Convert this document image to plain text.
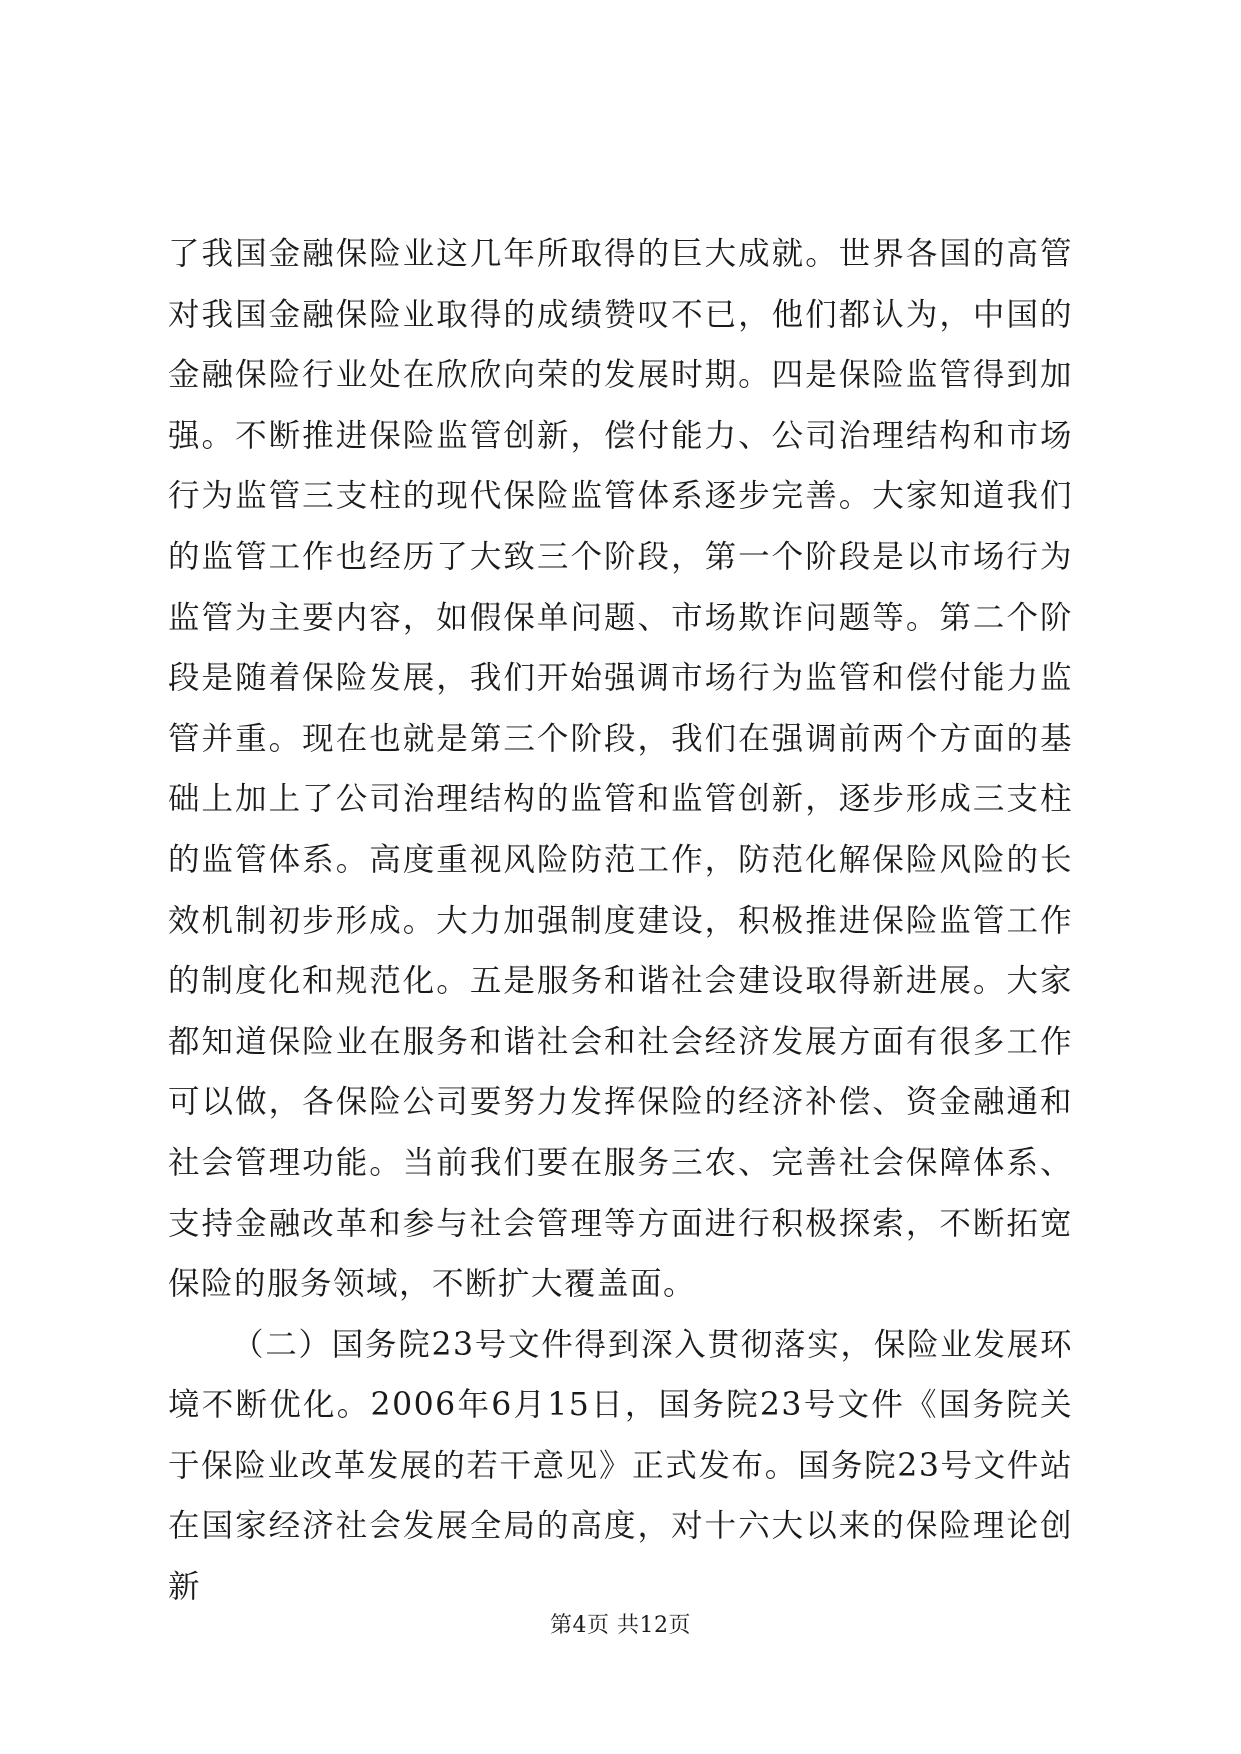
了我国金融保险业这几年所取得的巨大成就。世界各国的高管对我国金融保险业取得的成绩赞叹不已，他们都认为，中国的金融保险行业处在欣欣向荣的发展时期。四是保险监管得到加强。不断推进保险监管创新，偿付能力、公司治理结构和市场行为监管三支柱的现代保险监管体系逐步完善。大家知道我们的监管工作也经历了大致三个阶段，第一个阶段是以市场行为监管为主要内容，如假保单问题、市场欺诈问题等。第二个阶段是随着保险发展，我们开始强调市场行为监管和偿付能力监管并重。现在也就是第三个阶段，我们在强调前两个方面的基础上加上了公司治理结构的监管和监管创新，逐步形成三支柱的监管体系。高度重视风险防范工作，防范化解保险风险的长效机制初步形成。大力加强制度建设，积极推进保险监管工作的制度化和规范化。五是服务和谐社会建设取得新进展。大家都知道保险业在服务和谐社会和社会经济发展方面有很多工作可以做，各保险公司要努力发挥保险的经济补偿、资金融通和社会管理功能。当前我们要在服务三农、完善社会保障体系、支持金融改革和参与社会管理等方面进行积极探索，不断拓宽保险的服务领域，不断扩大覆盖面。

（二）国务院23号文件得到深入贯彻落实，保险业发展环境不断优化。2006年6月15日，国务院23号文件《国务院关于保险业改革发展的若干意见》正式发布。国务院23号文件站在国家经济社会发展全局的高度，对十六大以来的保险理论创新

第4页 共12页
